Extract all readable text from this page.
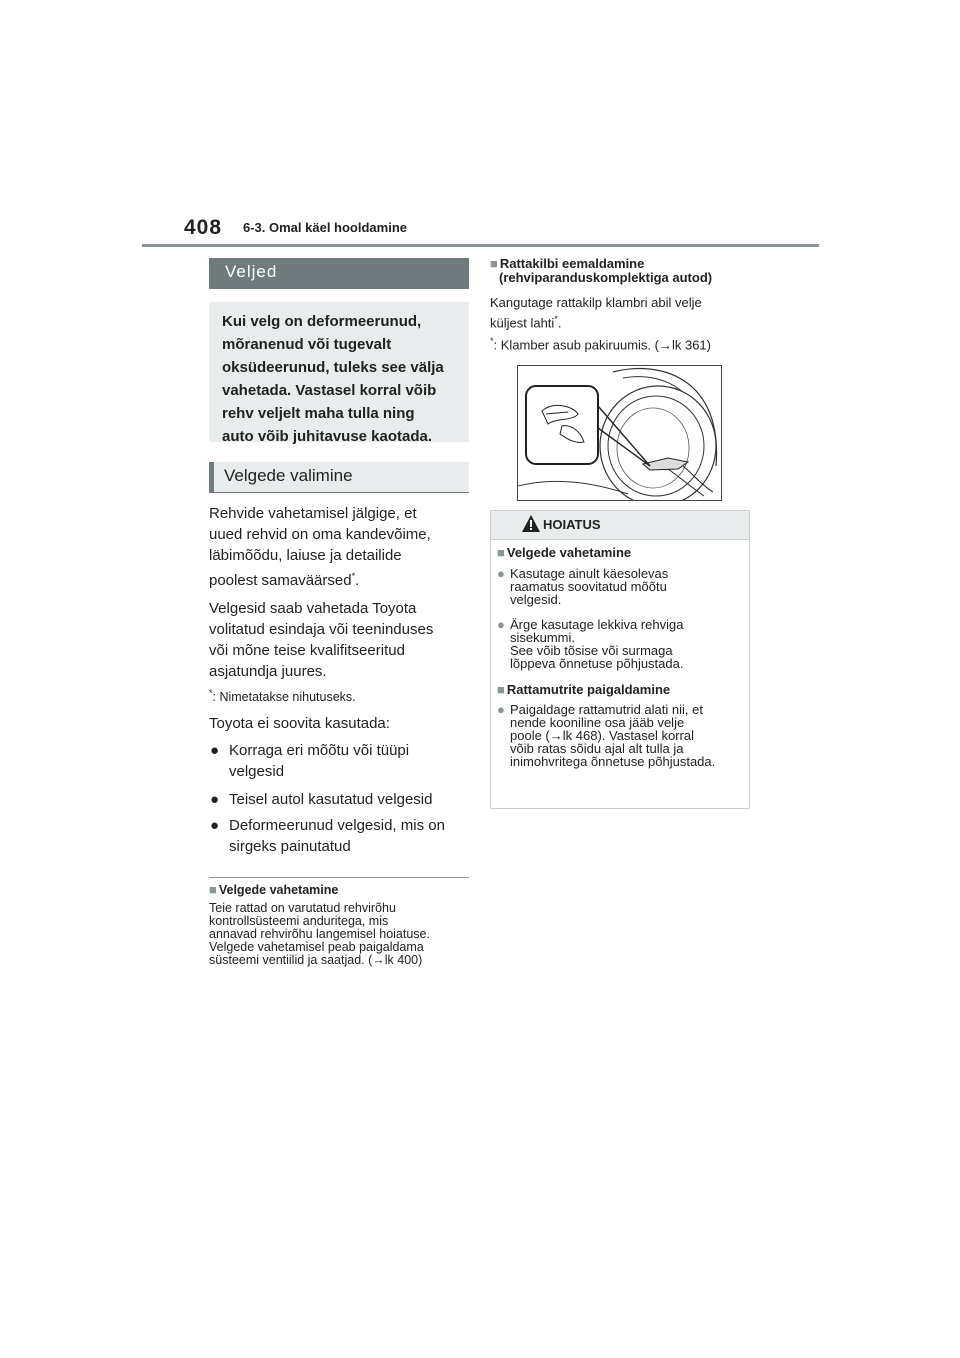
408 6-3. Omal käel hooldamine
Veljed
Kui velg on deformeerunud,
mõranenud või tugevalt
oksüdeerunud, tuleks see välja
vahetada. Vastasel korral võib
rehv veljelt maha tulla ning
auto võib juhitavuse kaotada.
Velgede valimine
Rehvide vahetamisel jälgige, et
uued rehvid on oma kandevõime,
läbimõõdu, laiuse ja detailide
poolest samaväärsed*.
Velgesid saab vahetada Toyota
volitatud esindaja või teeninduses
või mõne teise kvalifitseeritud
asjatundja juures.
*: Nimetatakse nihutuseks.
Toyota ei soovita kasutada:
● Korraga eri mõõtu või tüüpi
velgesid
● Teisel autol kasutatud velgesid
● Deformeerunud velgesid, mis on
sirgeks painutatud
■ Velgede vahetamine
Teie rattad on varutatud rehvirõhu
kontrollsüsteemi anduritega, mis
annavad rehvirõhu langemisel hoiatuse.
Velgede vahetamisel peab paigaldama
süsteemi ventiilid ja saatjad. (→lk 400)
■ Rattakilbi eemaldamine
(rehviparanduskomplektiga autod)
Kangutage rattakilp klambri abil velje
küljest lahti*.
*: Klamber asub pakiruumis. (→lk 361)
HOIATUS
■ Velgede vahetamine
● Kasutage ainult käesolevas
raamatus soovitatud mõõtu
velgesid.
● Ärge kasutage lekkiva rehviga
sisekummi.
See võib tõsise või surmaga
lõppeva õnnetuse põhjustada.
■ Rattamutrite paigaldamine
● Paigaldage rattamutrid alati nii, et
nende kooniline osa jääb velje
poole (→lk 468). Vastasel korral
võib ratas sõidu ajal alt tulla ja
inimohvritega õnnetuse põhjustada.
